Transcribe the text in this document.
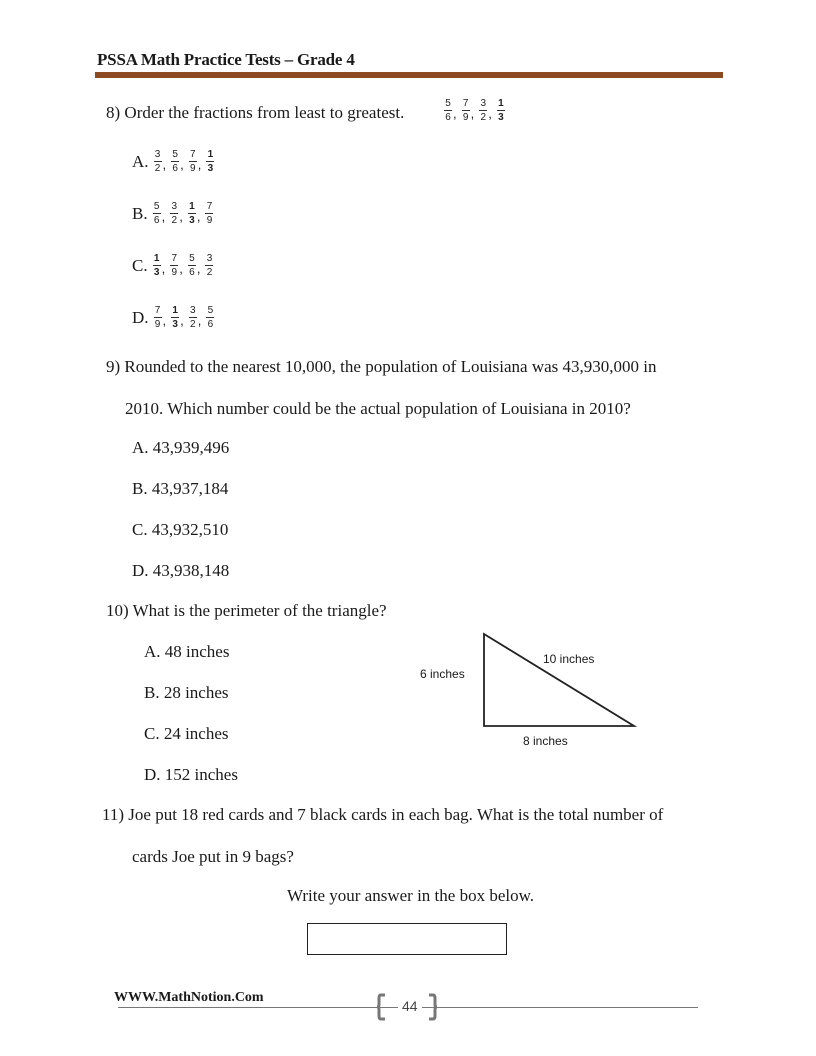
PSSA Math Practice Tests – Grade 4
8) Order the fractions from least to greatest.	$\frac{5}{6}$ , $\frac{7}{9}$ , $\frac{3}{2}$ , $\frac{1}{3}$
A. $\frac{3}{2}$ , $\frac{5}{6}$ , $\frac{7}{9}$ , $\frac{1}{3}$
B. $\frac{5}{6}$ , $\frac{3}{2}$ , $\frac{1}{3}$ , $\frac{7}{9}$
C. $\frac{1}{3}$ , $\frac{7}{9}$ , $\frac{5}{6}$ , $\frac{3}{2}$
D. $\frac{7}{9}$ , $\frac{1}{3}$ , $\frac{3}{2}$ , $\frac{5}{6}$
9) Rounded to the nearest 10,000, the population of Louisiana was 43,930,000 in
2010. Which number could be the actual population of Louisiana in 2010?
A. 43,939,496
B. 43,937,184
C. 43,932,510
D. 43,938,148
10) What is the perimeter of the triangle?
A. 48 inches
B. 28 inches
C. 24 inches
D. 152 inches
6 inches
10 inches
8 inches
11) Joe put 18 red cards and 7 black cards in each bag. What is the total number of
cards Joe put in 9 bags?
Write your answer in the box below.
WWW.MathNotion.Com
44
